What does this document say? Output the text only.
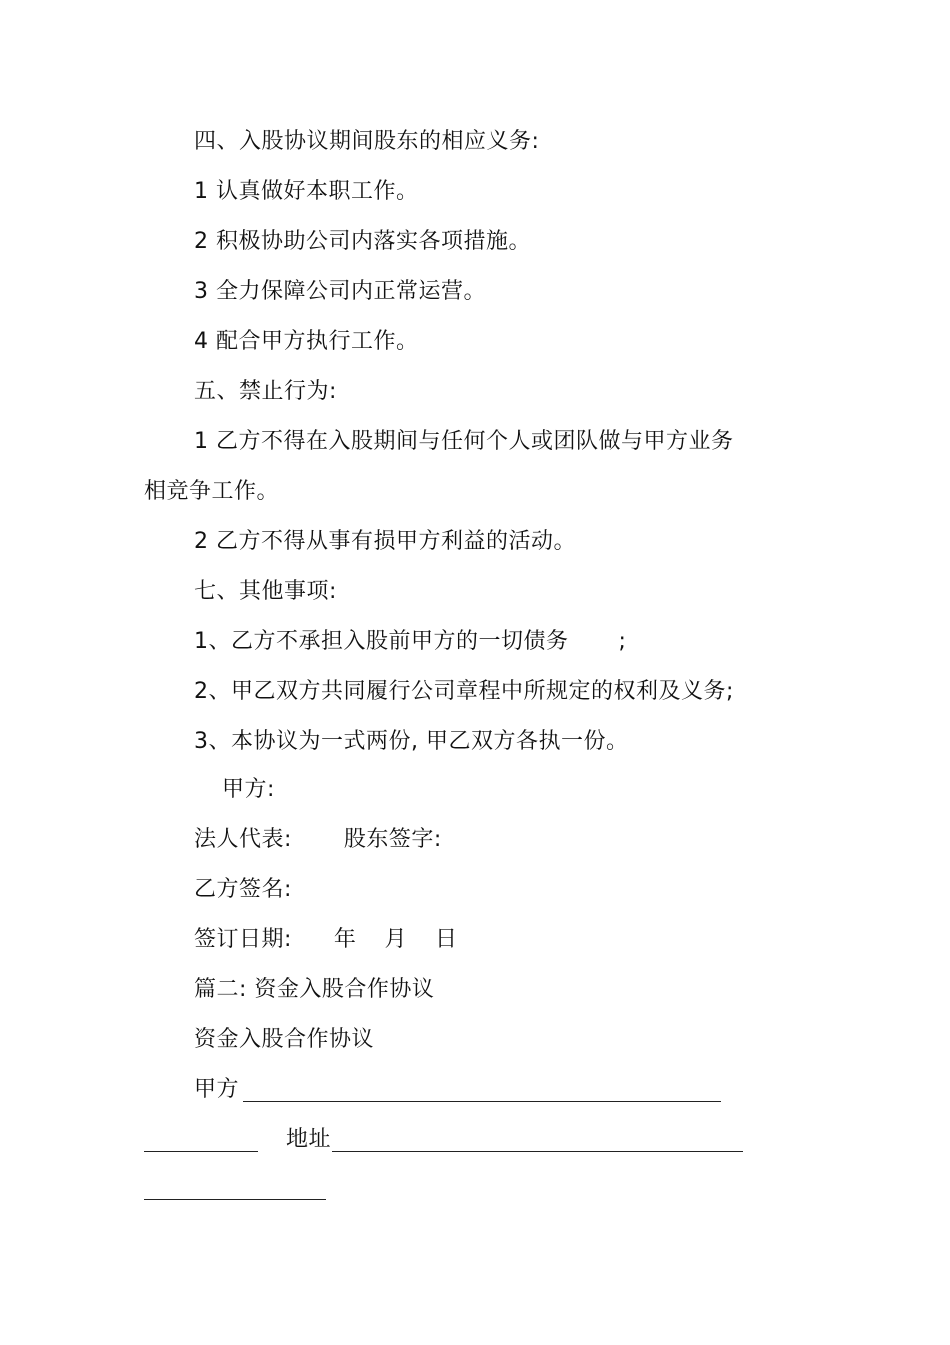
四、入股协议期间股东的相应义务:
1 认真做好本职工作。
2 积极协助公司内落实各项措施。
3 全力保障公司内正常运营。
4 配合甲方执行工作。
五、禁止行为:
1 乙方不得在入股期间与任何个人或团队做与甲方业务
相竞争工作。
2 乙方不得从事有损甲方利益的活动。
七、其他事项:
1、乙方不承担入股前甲方的一切债务 ;
2、甲乙双方共同履行公司章程中所规定的权利及义务;
3、本协议为一式两份, 甲乙双方各执一份。
甲方:
法人代表: 股东签字:
乙方签名:
签订日期: 年 月 日
篇二: 资金入股合作协议
资金入股合作协议
甲方
地址
